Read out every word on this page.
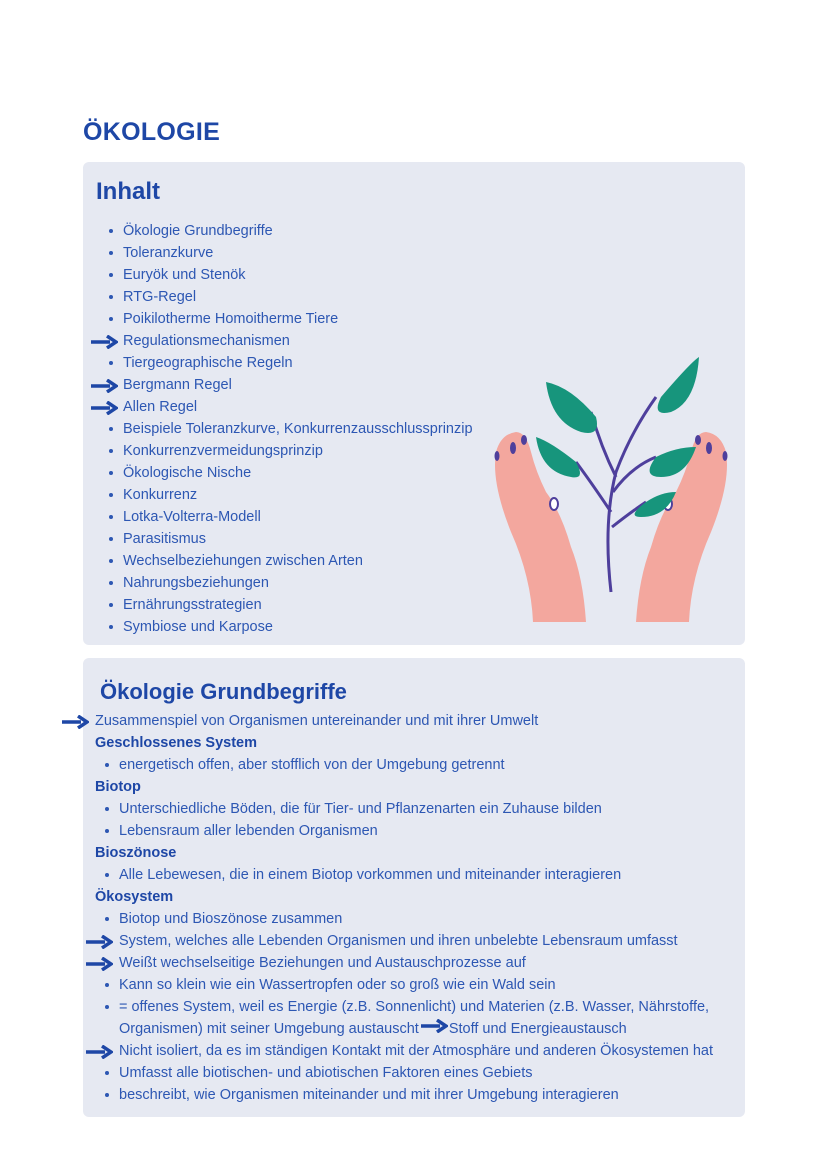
ÖKOLOGIE
Inhalt
Ökologie Grundbegriffe
Toleranzkurve
Euryök und Stenök
RTG-Regel
Poikilotherme Homoitherme Tiere
Regulationsmechanismen
Tiergeographische Regeln
Bergmann Regel
Allen Regel
Beispiele Toleranzkurve, Konkurrenzausschlussprinzip
Konkurrenzvermeidungsprinzip
Ökologische Nische
Konkurrenz
Lotka-Volterra-Modell
Parasitismus
Wechselbeziehungen zwischen Arten
Nahrungsbeziehungen
Ernährungsstrategien
Symbiose und Karpose
Ökologie Grundbegriffe
Zusammenspiel von Organismen untereinander und mit ihrer Umwelt
Geschlossenes System
energetisch offen, aber stofflich von der Umgebung getrennt
Biotop
Unterschiedliche Böden, die für Tier- und Pflanzenarten ein Zuhause bilden
Lebensraum aller lebenden Organismen
Bioszönose
Alle Lebewesen, die in einem Biotop vorkommen und miteinander interagieren
Ökosystem
Biotop und Bioszönose zusammen
System, welches alle Lebenden Organismen und ihren unbelebte Lebensraum umfasst
Weißt wechselseitige Beziehungen und Austauschprozesse auf
Kann so klein wie ein Wassertropfen oder so groß wie ein Wald sein
= offenes System, weil es Energie (z.B. Sonnenlicht) und Materien (z.B. Wasser, Nährstoffe,
Organismen) mit seiner Umgebung austauscht Stoff und Energieaustausch
Nicht isoliert, da es im ständigen Kontakt mit der Atmosphäre und anderen Ökosystemen hat
Umfasst alle biotischen- und abiotischen Faktoren eines Gebiets
beschreibt, wie Organismen miteinander und mit ihrer Umgebung interagieren
